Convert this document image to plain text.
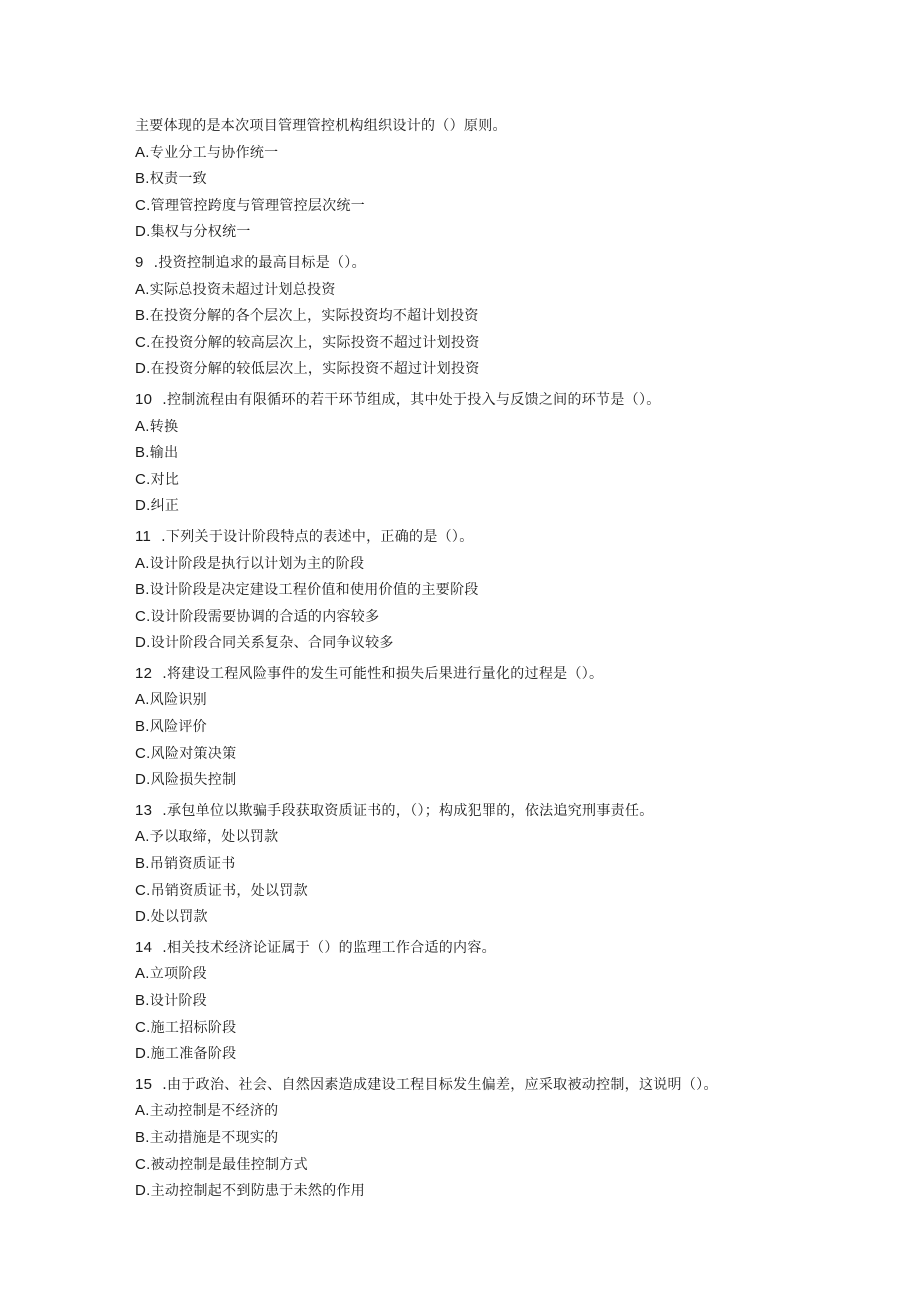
主要体现的是本次项目管理管控机构组织设计的（）原则。
A.专业分工与协作统一
B.权责一致
C.管理管控跨度与管理管控层次统一
D.集权与分权统一
9 .投资控制追求的最高目标是（）。
A.实际总投资未超过计划总投资
B.在投资分解的各个层次上，实际投资均不超计划投资
C.在投资分解的较高层次上，实际投资不超过计划投资
D.在投资分解的较低层次上，实际投资不超过计划投资
10 .控制流程由有限循环的若干环节组成，其中处于投入与反馈之间的环节是（）。
A.转换
B.输出
C.对比
D.纠正
11 .下列关于设计阶段特点的表述中，正确的是（）。
A.设计阶段是执行以计划为主的阶段
B.设计阶段是决定建设工程价值和使用价值的主要阶段
C.设计阶段需要协调的合适的内容较多
D.设计阶段合同关系复杂、合同争议较多
12 .将建设工程风险事件的发生可能性和损失后果进行量化的过程是（）。
A.风险识别
B.风险评价
C.风险对策决策
D.风险损失控制
13 .承包单位以欺骗手段获取资质证书的，（）；构成犯罪的，依法追究刑事责任。
A.予以取缔，处以罚款
B.吊销资质证书
C.吊销资质证书，处以罚款
D.处以罚款
14 .相关技术经济论证属于（）的监理工作合适的内容。
A.立项阶段
B.设计阶段
C.施工招标阶段
D.施工准备阶段
15 .由于政治、社会、自然因素造成建设工程目标发生偏差，应采取被动控制，这说明（）。
A.主动控制是不经济的
B.主动措施是不现实的
C.被动控制是最佳控制方式
D.主动控制起不到防患于未然的作用
